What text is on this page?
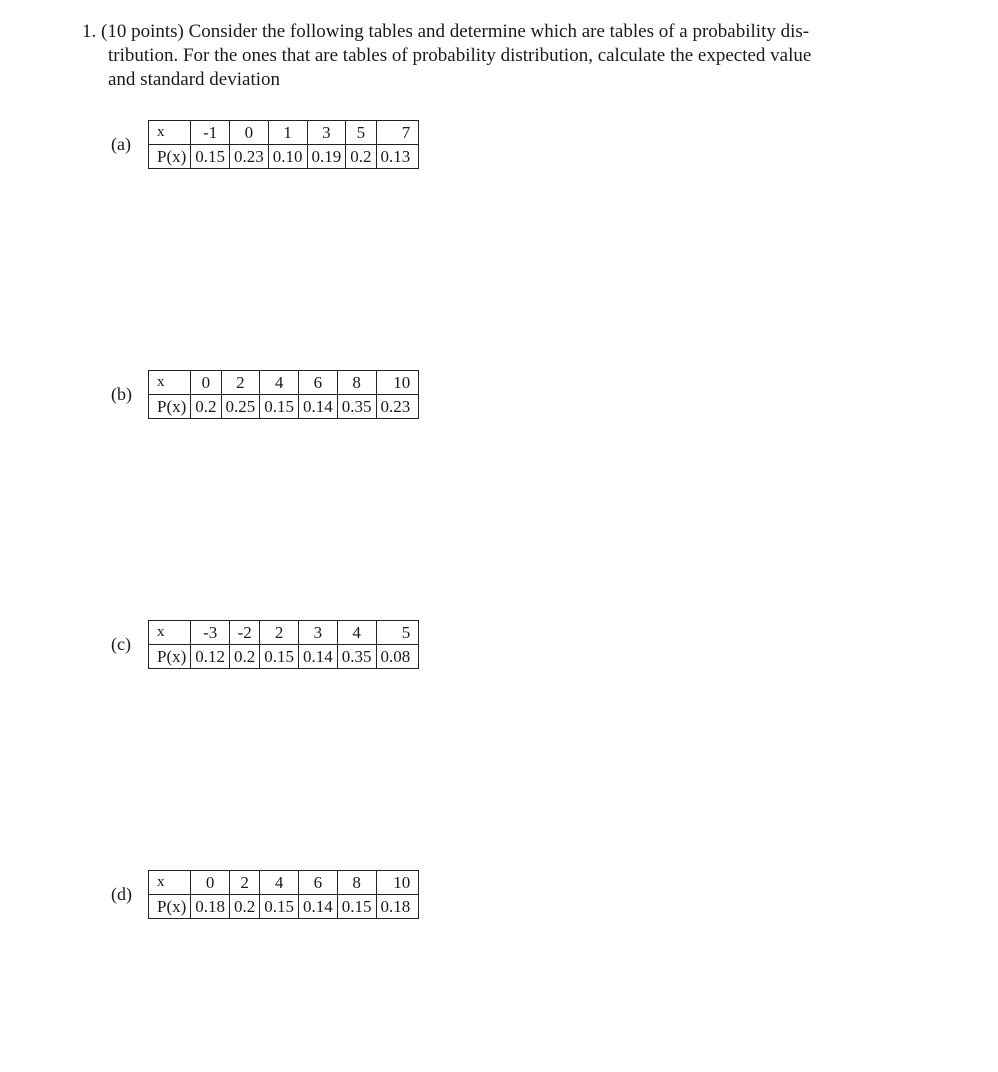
1. (10 points) Consider the following tables and determine which are tables of a probability dis-
tribution. For the ones that are tables of probability distribution, calculate the expected value
and standard deviation
(a)
x	-1	0	1	3	5	7
P(x)	0.15	0.23	0.10	0.19	0.2	0.13
(b)
x	0	2	4	6	8	10
P(x)	0.2	0.25	0.15	0.14	0.35	0.23
(c)
x	-3	-2	2	3	4	5
P(x)	0.12	0.2	0.15	0.14	0.35	0.08
(d)
x	0	2	4	6	8	10
P(x)	0.18	0.2	0.15	0.14	0.15	0.18
